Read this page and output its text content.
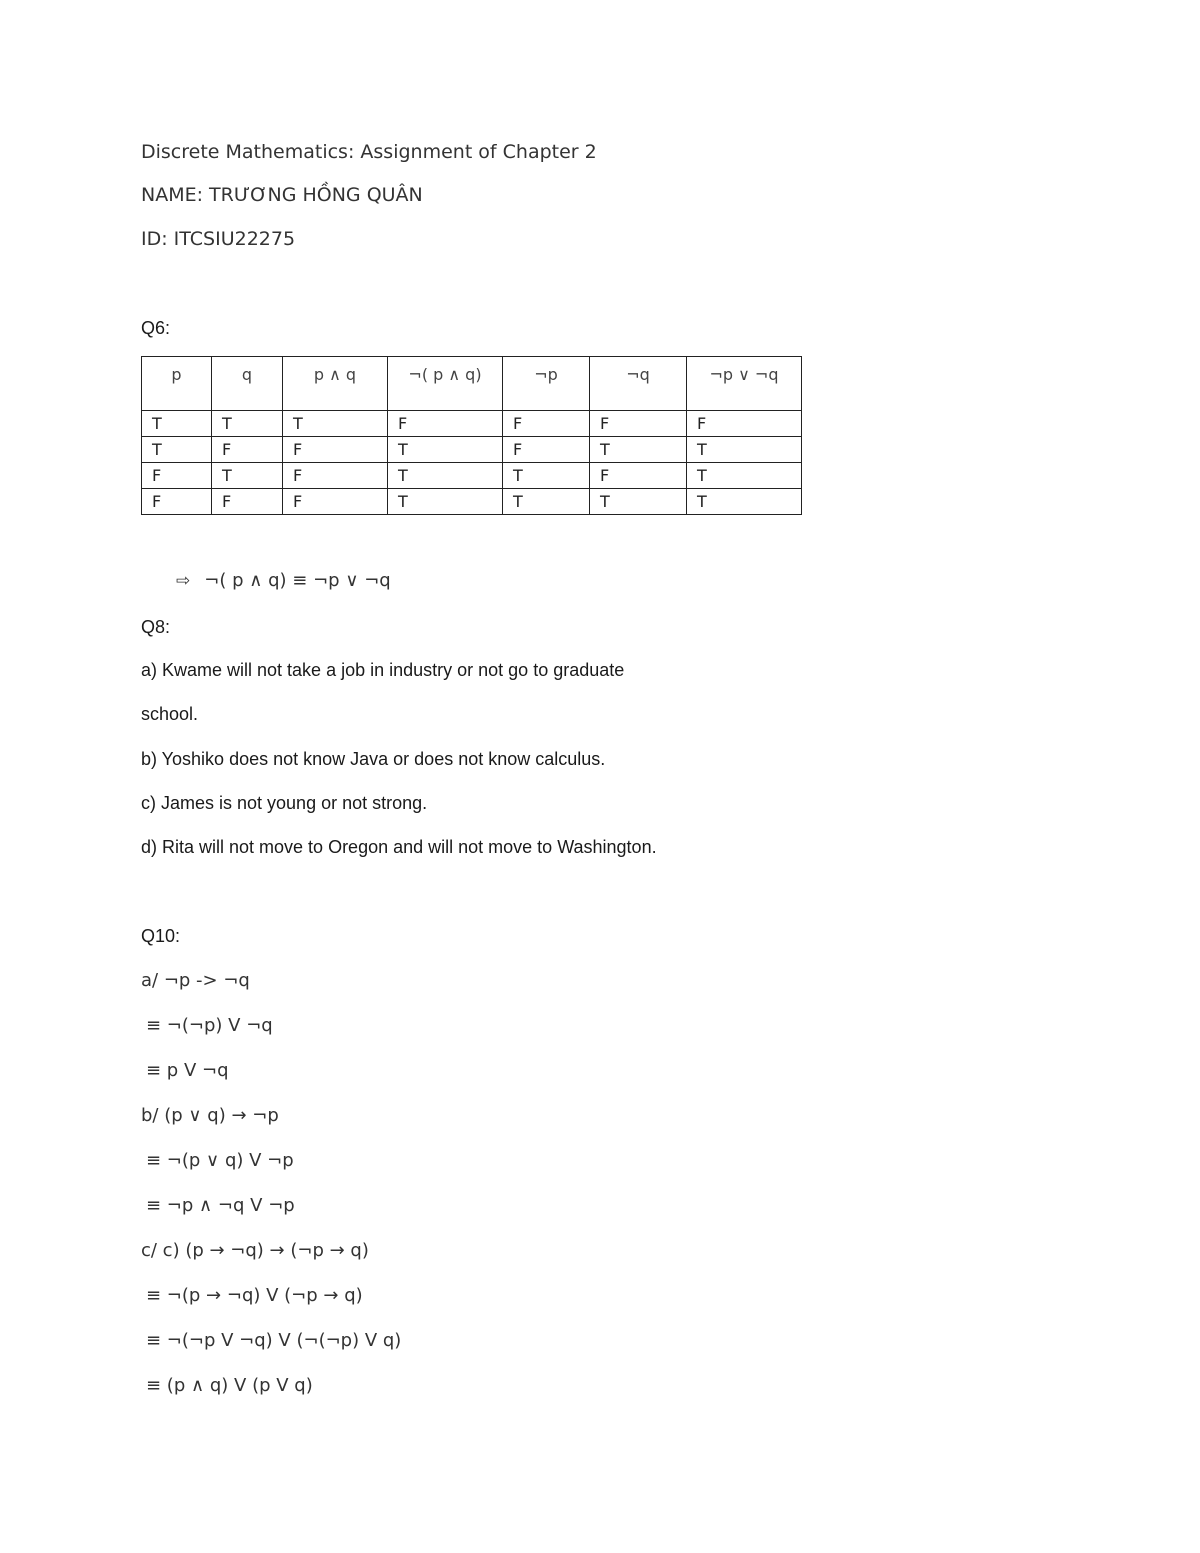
Discrete Mathematics: Assignment of Chapter 2
NAME: TRƯƠNG HỒNG QUÂN
ID: ITCSIU22275
Q6:
p	q	p ∧ q	¬( p ∧ q)	¬p	¬q	¬p ∨ ¬q
T	T	T	F	F	F	F
T	F	F	T	F	T	T
F	T	F	T	T	F	T
F	F	F	T	T	T	T
⇨ ¬( p ∧ q) ≡ ¬p ∨ ¬q
Q8:
a) Kwame will not take a job in industry or not go to graduate
school.
b) Yoshiko does not know Java or does not know calculus.
c) James is not young or not strong.
d) Rita will not move to Oregon and will not move to Washington.
Q10:
a/ ¬p -> ¬q
≡ ¬(¬p) V ¬q
≡ p V ¬q
b/ (p ∨ q) → ¬p
≡ ¬(p ∨ q) V ¬p
≡ ¬p ∧ ¬q V ¬p
c/ c) (p → ¬q) → (¬p → q)
≡ ¬(p → ¬q) V (¬p → q)
≡ ¬(¬p V ¬q) V (¬(¬p) V q)
≡ (p ∧ q) V (p V q)
